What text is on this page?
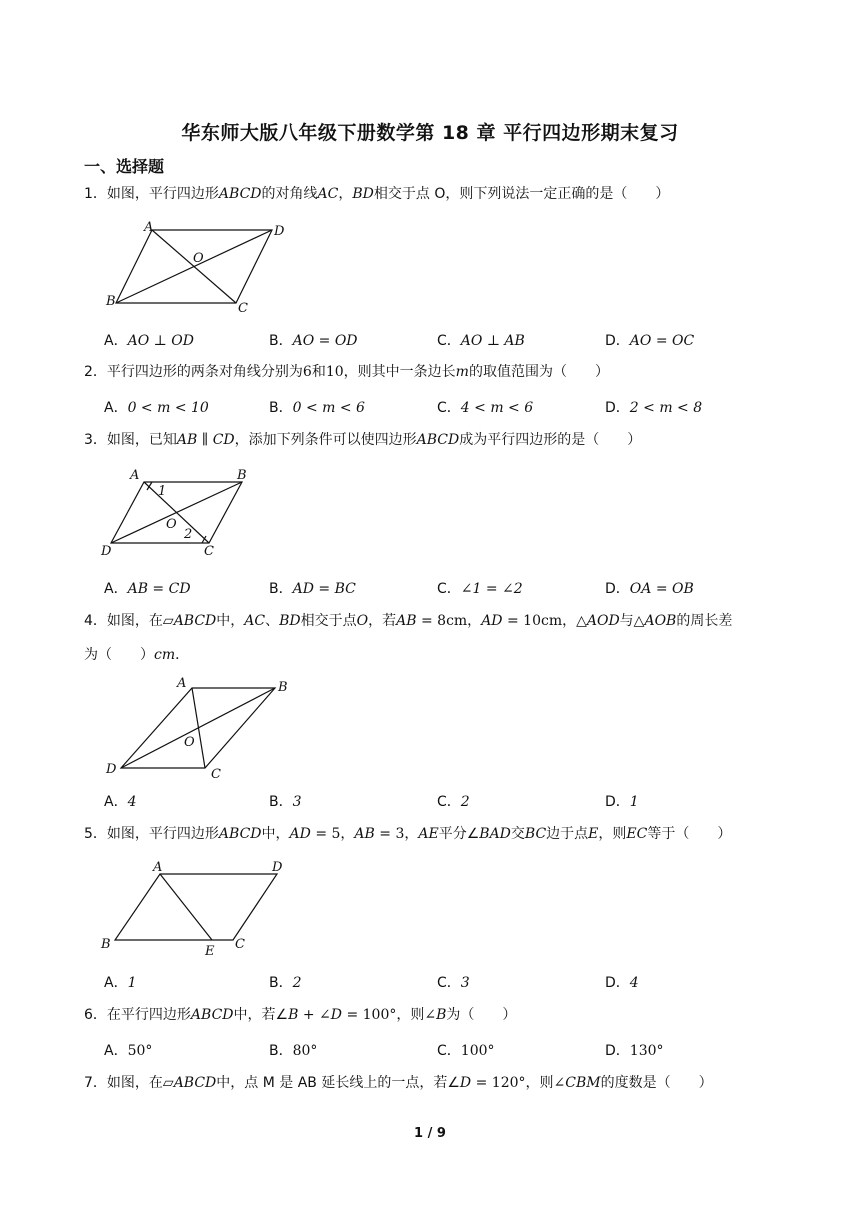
华东师大版八年级下册数学第 18 章 平行四边形期末复习
一、选择题
1．如图，平行四边形ABCD的对角线AC，BD相交于点 O，则下列说法一定正确的是（　　）
A	D
O
B	C
A．AO ⊥ OD	B．AO = OD	C．AO ⊥ AB	D．AO = OC
2．平行四边形的两条对角线分别为6和10，则其中一条边长m的取值范围为（　　）
A．0 < m < 10	B．0 < m < 6	C．4 < m < 6	D．2 < m < 8
3．如图，已知AB ∥ CD，添加下列条件可以使四边形ABCD成为平行四边形的是（　　）
A	B
1
O
2
D	C
A．AB = CD	B．AD = BC	C．∠1 = ∠2	D．OA = OB
4．如图，在▱ABCD中，AC、BD相交于点O，若AB = 8cm，AD = 10cm，△AOD与△AOB的周长差
为（　　）cm．
A	B
O
D	C
A．4	B．3	C．2	D．1
5．如图，平行四边形ABCD中，AD = 5，AB = 3，AE平分∠BAD交BC边于点E，则EC等于（　　）
A	D
B	E C
A．1	B．2	C．3	D．4
6．在平行四边形ABCD中，若∠B + ∠D = 100°，则∠B为（　　）
A．50°	B．80°	C．100°	D．130°
7．如图，在▱ABCD中，点 M 是 AB 延长线上的一点，若∠D = 120°，则∠CBM的度数是（　　）
1 / 9
